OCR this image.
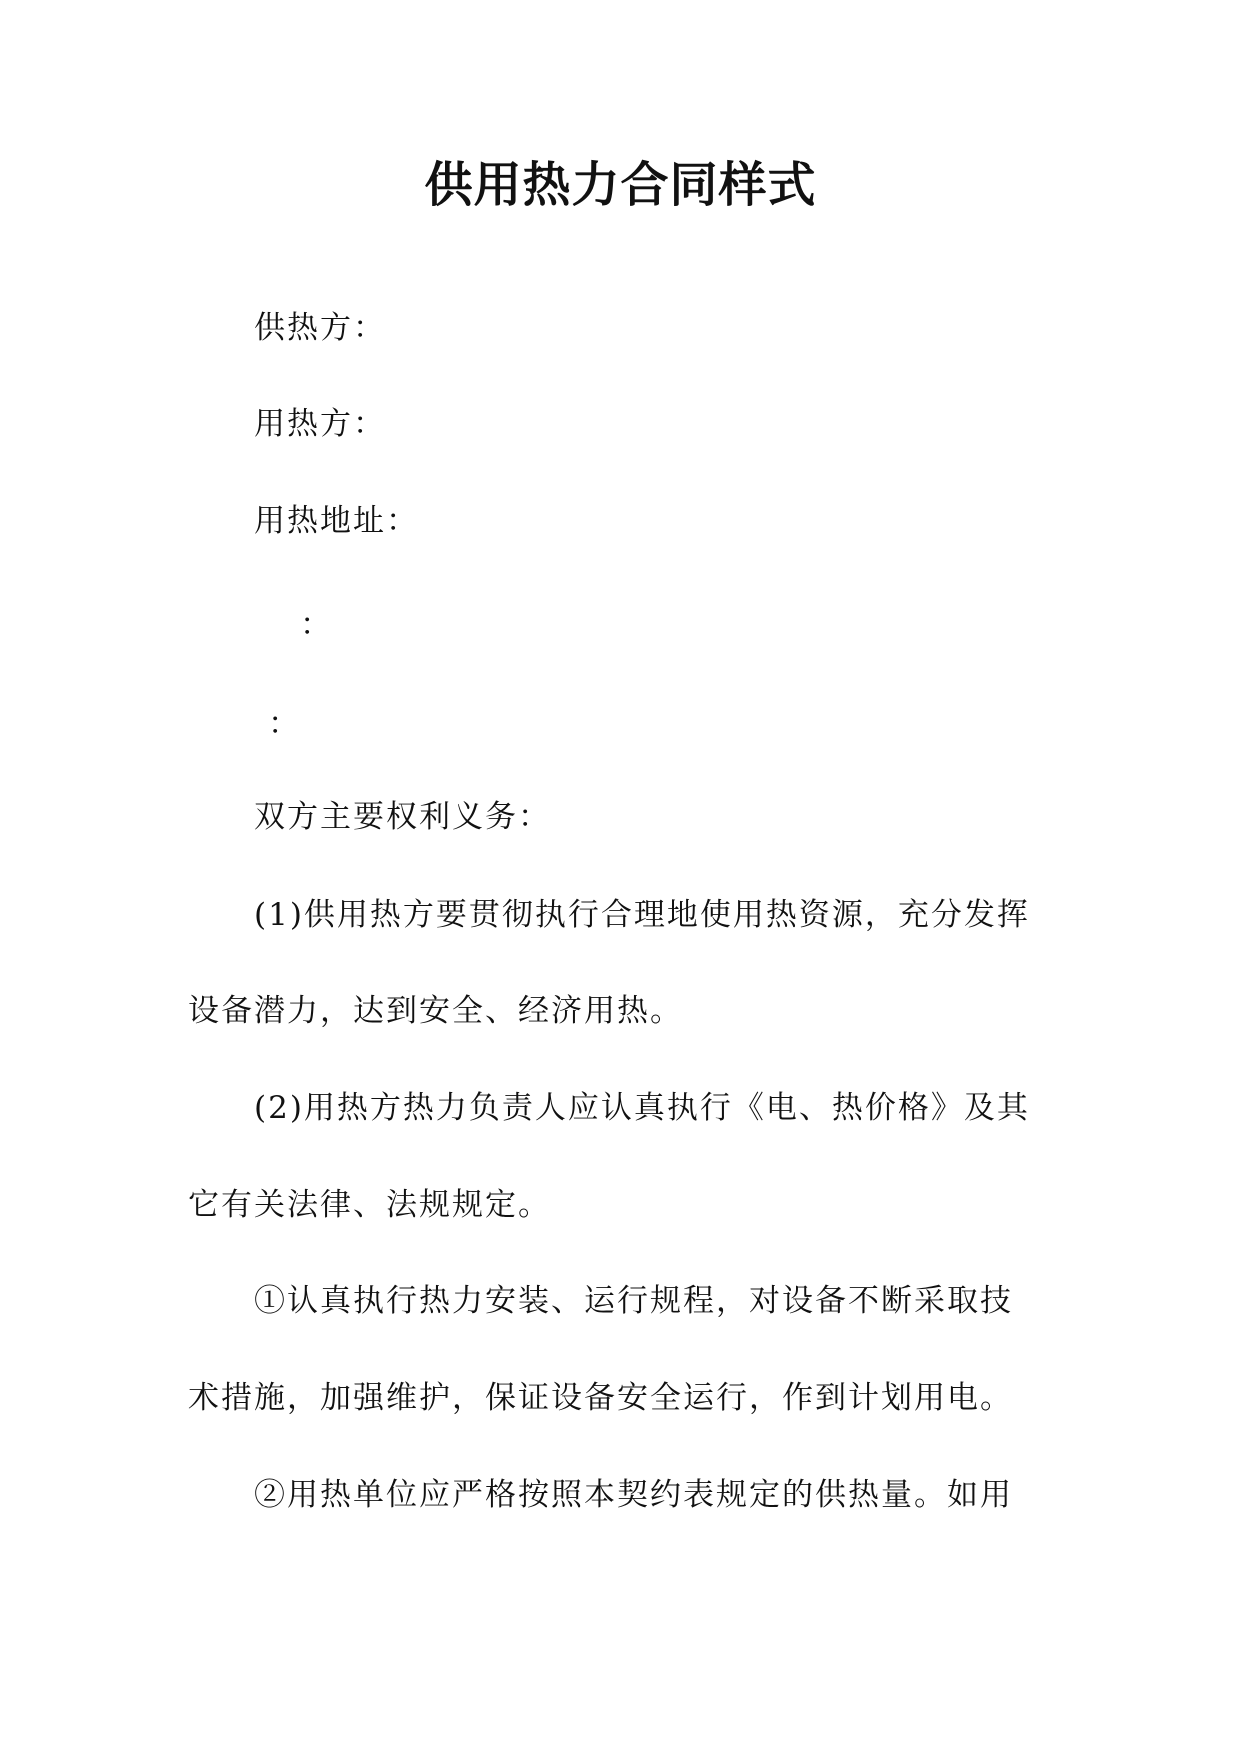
供用热力合同样式
供热方：
用热方：
用热地址：
：
：
双方主要权利义务：
(1)供用热方要贯彻执行合理地使用热资源，充分发挥
设备潜力，达到安全、经济用热。
(2)用热方热力负责人应认真执行《电、热价格》及其
它有关法律、法规规定。
①认真执行热力安装、运行规程，对设备不断采取技
术措施，加强维护，保证设备安全运行，作到计划用电。
②用热单位应严格按照本契约表规定的供热量。如用
